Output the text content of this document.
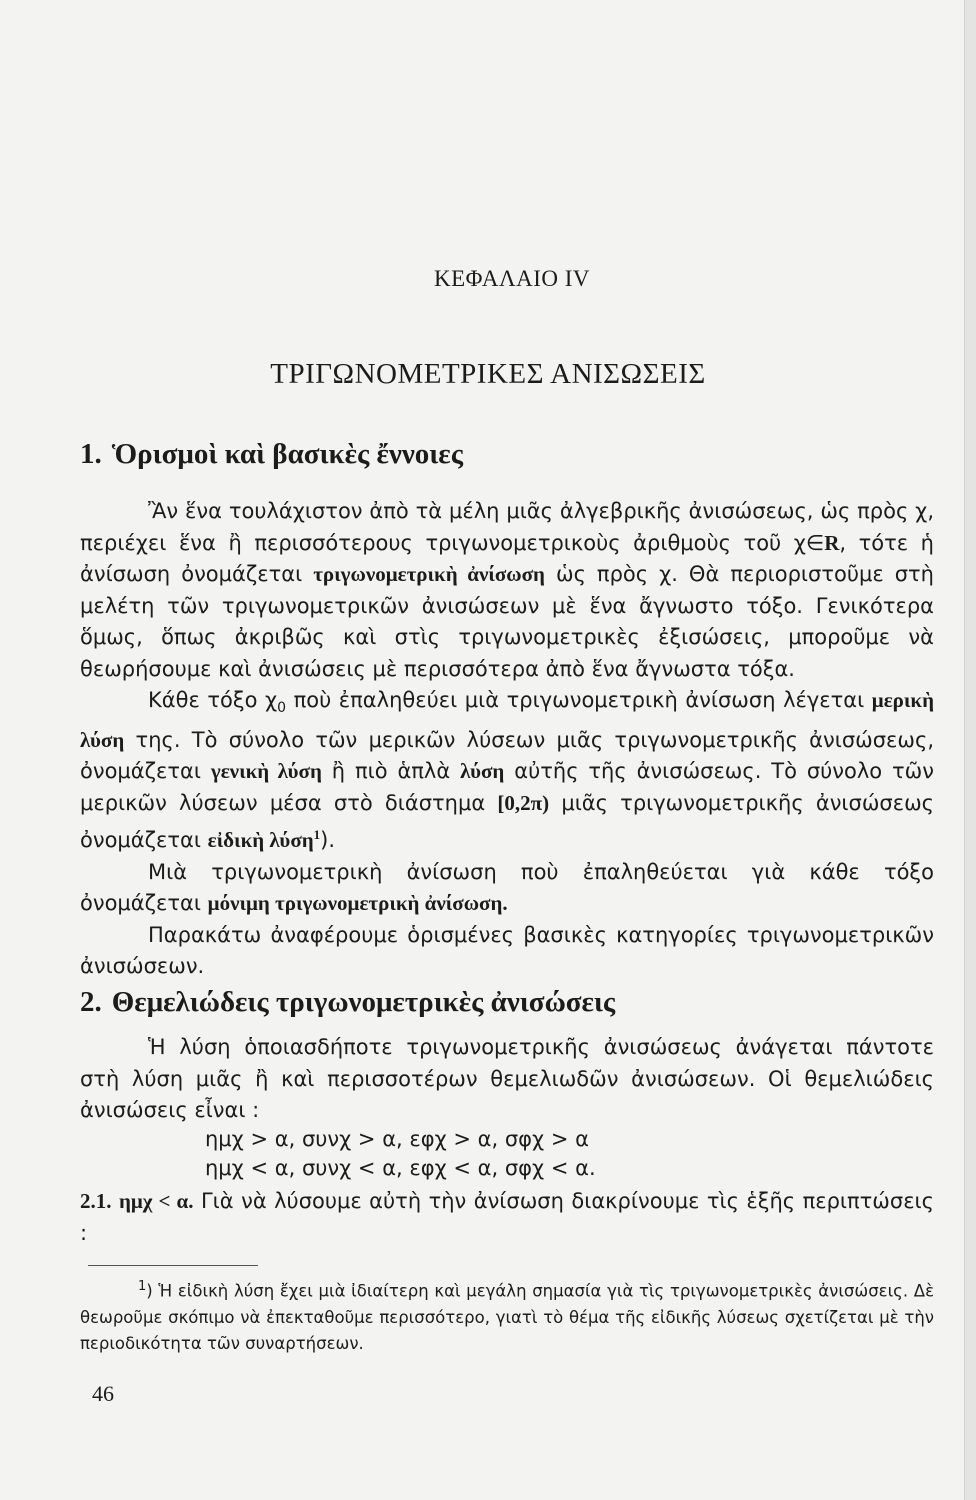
ΚΕΦΑΛΑΙΟ IV
ΤΡΙΓΩΝΟΜΕΤΡΙΚΕΣ ΑΝΙΣΩΣΕΙΣ
1. Ὁρισμοὶ καὶ βασικὲς ἔννοιες

Ἂν ἕνα τουλάχιστον ἀπὸ τὰ μέλη μιᾶς ἀλγεβρικῆς ἀνισώσεως, ὡς πρὸς χ, περιέχει ἕνα ἢ περισσότερους τριγωνομετρικοὺς ἀριθμοὺς τοῦ χ∈R, τότε ἡ ἀνίσωση ὀνομάζεται τριγωνομετρικὴ ἀνίσωση ὡς πρὸς χ. Θὰ περιοριστοῦμε στὴ μελέτη τῶν τριγωνομετρικῶν ἀνισώσεων μὲ ἕνα ἄγνωστο τόξο. Γενικότερα ὅμως, ὅπως ἀκριβῶς καὶ στὶς τριγωνομετρικὲς ἐξισώσεις, μποροῦμε νὰ θεωρήσουμε καὶ ἀνισώσεις μὲ περισσότερα ἀπὸ ἕνα ἄγνωστα τόξα.

Κάθε τόξο $\chi_0$ ποὺ ἐπαληθεύει μιὰ τριγωνομετρικὴ ἀνίσωση λέγεται μερικὴ λύση της. Τὸ σύνολο τῶν μερικῶν λύσεων μιᾶς τριγωνομετρικῆς ἀνισώσεως, ὀνομάζεται γενικὴ λύση ἢ πιὸ ἁπλὰ λύση αὐτῆς τῆς ἀνισώσεως. Τὸ σύνολο τῶν μερικῶν λύσεων μέσα στὸ διάστημα [0,2π) μιᾶς τριγωνομετρικῆς ἀνισώσεως ὀνομάζεται εἰδικὴ λύση$^1$).

Μιὰ τριγωνομετρικὴ ἀνίσωση ποὺ ἐπαληθεύεται γιὰ κάθε τόξο ὀνομάζεται μόνιμη τριγωνομετρικὴ ἀνίσωση.

Παρακάτω ἀναφέρουμε ὁρισμένες βασικὲς κατηγορίες τριγωνομετρικῶν ἀνισώσεων.

2. Θεμελιώδεις τριγωνομετρικὲς ἀνισώσεις

Ἡ λύση ὁποιασδήποτε τριγωνομετρικῆς ἀνισώσεως ἀνάγεται πάντοτε στὴ λύση μιᾶς ἢ καὶ περισσοτέρων θεμελιωδῶν ἀνισώσεων. Οἱ θεμελιώδεις ἀνισώσεις εἶναι :

ημχ > α, συνχ > α, εφχ > α, σφχ > α
ημχ < α, συνχ < α, εφχ < α, σφχ < α.

2.1. ημχ < α. Γιὰ νὰ λύσουμε αὐτὴ τὴν ἀνίσωση διακρίνουμε τὶς ἑξῆς περιπτώσεις :

$^1$) Ἡ εἰδικὴ λύση ἔχει μιὰ ἰδιαίτερη καὶ μεγάλη σημασία γιὰ τὶς τριγωνομετρικὲς ἀνισώσεις. Δὲ θεωροῦμε σκόπιμο νὰ ἐπεκταθοῦμε περισσότερο, γιατὶ τὸ θέμα τῆς εἰδικῆς λύσεως σχετίζεται μὲ τὴν περιοδικότητα τῶν συναρτήσεων.

46
